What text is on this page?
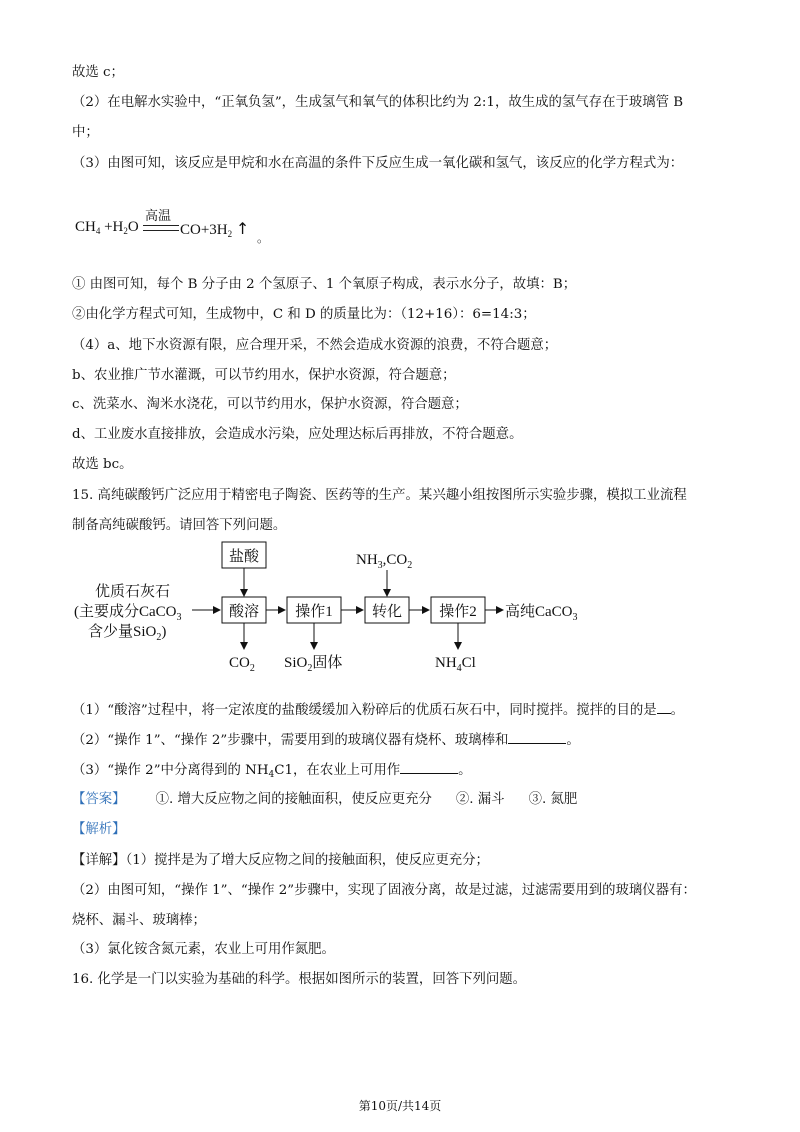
故选 c；
（2）在电解水实验中，“正氧负氢”，生成氢气和氧气的体积比约为 2:1，故生成的氢气存在于玻璃管 B
中；
（3）由图可知，该反应是甲烷和水在高温的条件下反应生成一氧化碳和氢气，该反应的化学方程式为：
$CH_4 +H_2O$
高温
$CO+3H_2$ ↑ 。
① 由图可知，每个 B 分子由 2 个氢原子、1 个氧原子构成，表示水分子，故填：B；
②由化学方程式可知，生成物中，C 和 D 的质量比为：（12+16）：6=14:3；
（4）a、地下水资源有限，应合理开采，不然会造成水资源的浪费，不符合题意；
b、农业推广节水灌溉，可以节约用水，保护水资源，符合题意；
c、洗菜水、淘米水浇花，可以节约用水，保护水资源，符合题意；
d、工业废水直接排放，会造成水污染，应处理达标后再排放，不符合题意。
故选 bc。
15. 高纯碳酸钙广泛应用于精密电子陶瓷、医药等的生产。某兴趣小组按图所示实验步骤，模拟工业流程
制备高纯碳酸钙。请回答下列问题。
优质石灰石
(主要成分CaCO$_3$
含少量SiO$_2$)
盐酸
酸溶
$CO_2$
操作1
SiO$_2$固体
转化
$NH_3,CO_2$
操作2
$NH_4Cl$
高纯CaCO$_3$
（1）“酸溶”过程中，将一定浓度的盐酸缓缓加入粉碎后的优质石灰石中，同时搅拌。搅拌的目的是 。
（2）“操作 1”、“操作 2”步骤中，需要用到的玻璃仪器有烧杯、玻璃棒和	。
（3）“操作 2”中分离得到的 $NH_4C1$，在农业上可用作	。
【答案】 ①. 增大反应物之间的接触面积，使反应更充分 ②. 漏斗 ③. 氮肥
【解析】
【详解】（1）搅拌是为了增大反应物之间的接触面积，使反应更充分；
（2）由图可知，“操作 1”、“操作 2”步骤中，实现了固液分离，故是过滤，过滤需要用到的玻璃仪器有：
烧杯、漏斗、玻璃棒；
（3）氯化铵含氮元素，农业上可用作氮肥。
16. 化学是一门以实验为基础的科学。根据如图所示的装置，回答下列问题。
第10页/共14页
